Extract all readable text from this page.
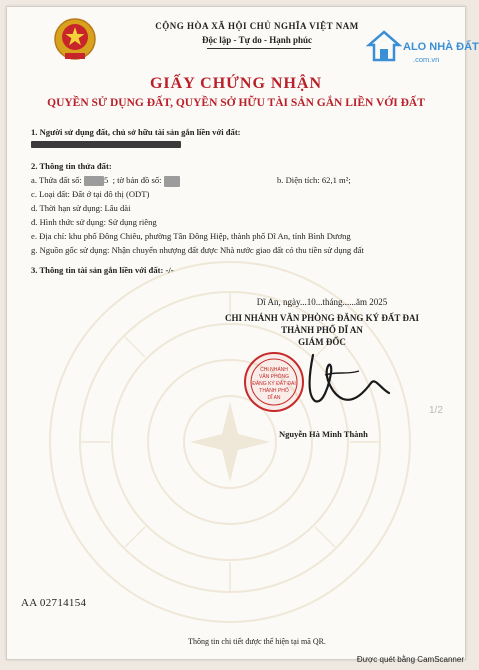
CỘNG HÒA XÃ HỘI CHỦ NGHĨA VIỆT NAM
Độc lập - Tự do - Hạnh phúc
ALO NHÀ ĐẤT
.com.vn
GIẤY CHỨNG NHẬN
QUYỀN SỬ DỤNG ĐẤT, QUYỀN SỞ HỮU TÀI SẢN GẮN LIỀN VỚI ĐẤT
1. Người sử dụng đất, chủ sở hữu tài sản gắn liền với đất:
2. Thông tin thửa đất:
a. Thửa đất số:	5 ; tờ bản đồ số:	b. Diện tích: 62,1 m²;
c. Loại đất: Đất ở tại đô thị (ODT)
d. Thời hạn sử dụng: Lâu dài
đ. Hình thức sử dụng: Sử dụng riêng
e. Địa chỉ: khu phố Đông Chiêu, phường Tân Đông Hiệp, thành phố Dĩ An, tỉnh Bình Dương
g. Nguồn gốc sử dụng: Nhận chuyển nhượng đất được Nhà nước giao đất có thu tiền sử dụng đất
3. Thông tin tài sản gắn liền với đất: -/-
Dĩ An, ngày...10...tháng......ăm 2025
CHI NHÁNH VĂN PHÒNG ĐĂNG KÝ ĐẤT ĐAI
THÀNH PHỐ DĨ AN
GIÁM ĐỐC
CHI NHÁNH
VĂN PHÒNG
ĐĂNG KÝ ĐẤT ĐAI
THÀNH PHỐ
DĨ AN
Nguyễn Hà Minh Thành
1/2
AA 02714154
Thông tin chi tiết được thể hiện tại mã QR.
Được quét bằng CamScanner
